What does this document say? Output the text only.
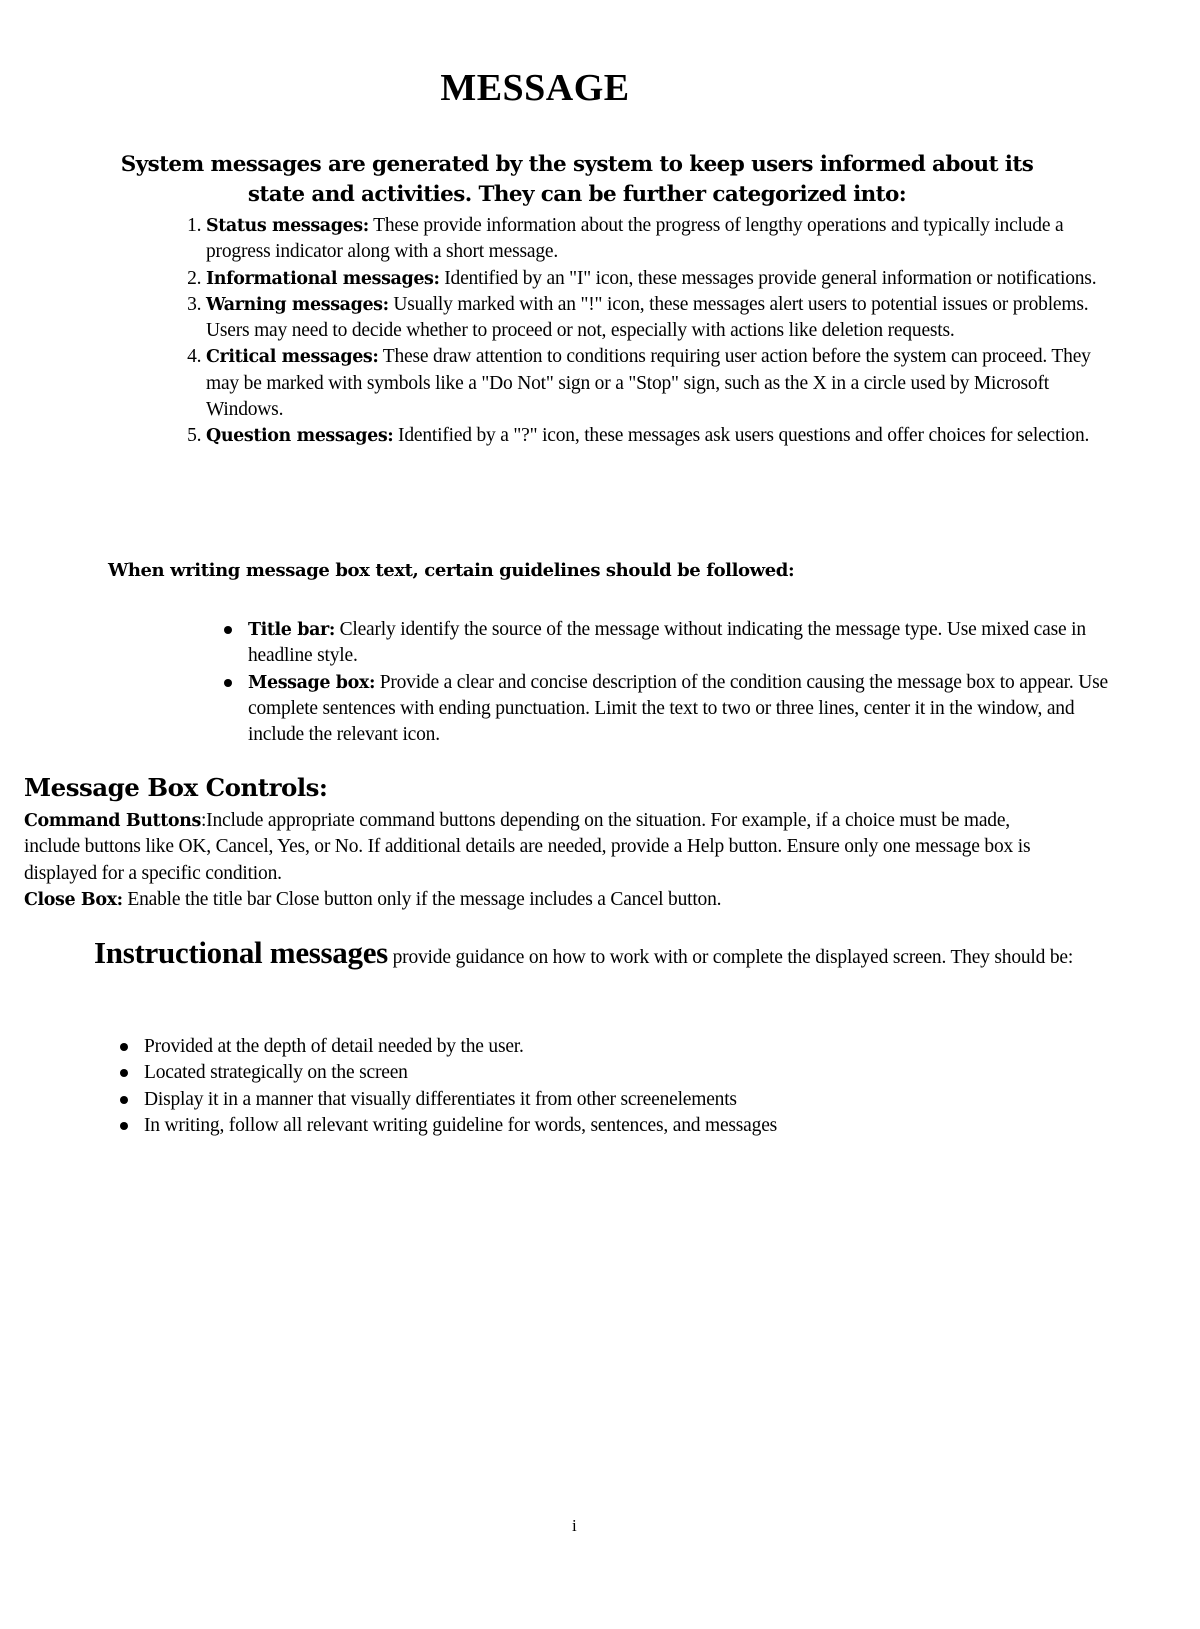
MESSAGE
System messages are generated by the system to keep users informed about its state and activities. They can be further categorized into:
1. Status messages: These provide information about the progress of lengthy operations and typically include a progress indicator along with a short message.
2. Informational messages: Identified by an "I" icon, these messages provide general information or notifications.
3. Warning messages: Usually marked with an "!" icon, these messages alert users to potential issues or problems. Users may need to decide whether to proceed or not, especially with actions like deletion requests.
4. Critical messages: These draw attention to conditions requiring user action before the system can proceed. They may be marked with symbols like a "Do Not" sign or a "Stop" sign, such as the X in a circle used by Microsoft Windows.
5. Question messages: Identified by a "?" icon, these messages ask users questions and offer choices for selection.
When writing message box text, certain guidelines should be followed:
Title bar: Clearly identify the source of the message without indicating the message type. Use mixed case in headline style.
Message box: Provide a clear and concise description of the condition causing the message box to appear. Use complete sentences with ending punctuation. Limit the text to two or three lines, center it in the window, and include the relevant icon.
Message Box Controls:

Command Buttons:Include appropriate command buttons depending on the situation. For example, if a choice must be made, include buttons like OK, Cancel, Yes, or No. If additional details are needed, provide a Help button. Ensure only one message box is displayed for a specific condition.

Close Box: Enable the title bar Close button only if the message includes a Cancel button.

Instructional messages provide guidance on how to work with or complete the displayed screen. They should be:
Provided at the depth of detail needed by the user.
Located strategically on the screen
Display it in a manner that visually differentiates it from other screenelements
In writing, follow all relevant writing guideline for words, sentences, and messages
i
